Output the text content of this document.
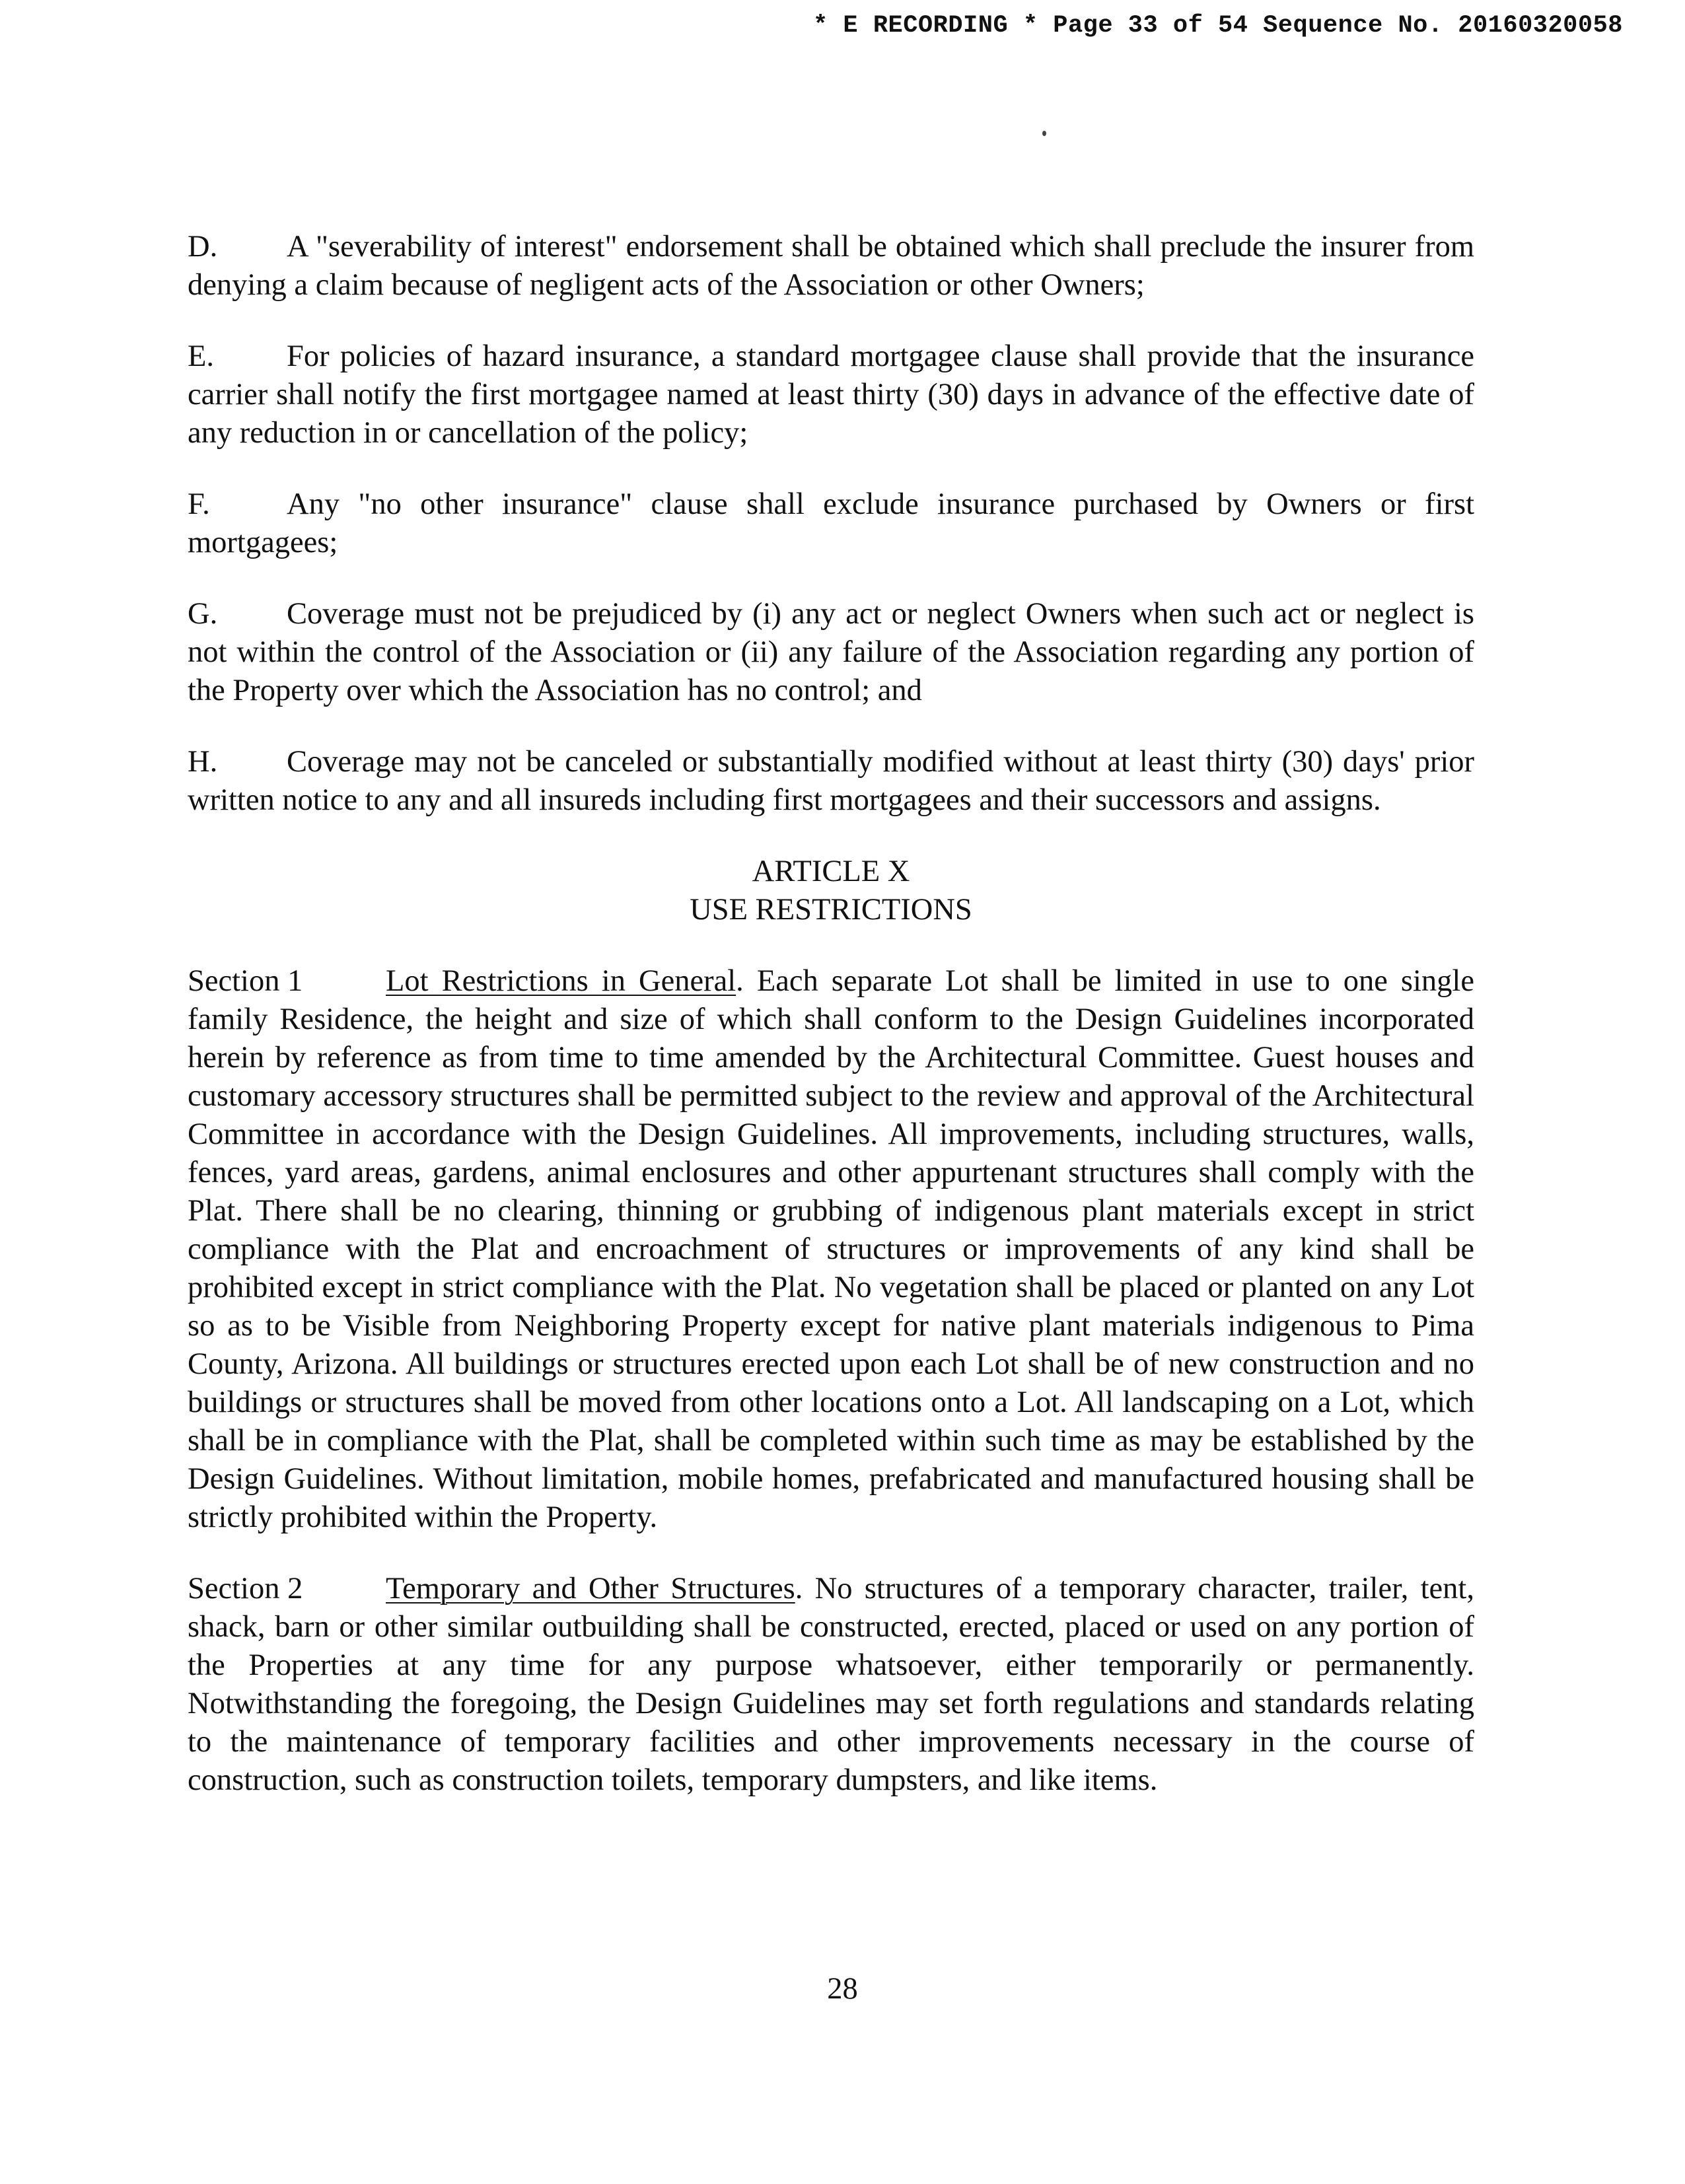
* E RECORDING * Page 33 of 54 Sequence No. 20160320058

D. A "severability of interest" endorsement shall be obtained which shall preclude the insurer from denying a claim because of negligent acts of the Association or other Owners;

E. For policies of hazard insurance, a standard mortgagee clause shall provide that the insurance carrier shall notify the first mortgagee named at least thirty (30) days in advance of the effective date of any reduction in or cancellation of the policy;

F. Any "no other insurance" clause shall exclude insurance purchased by Owners or first mortgagees;

G. Coverage must not be prejudiced by (i) any act or neglect Owners when such act or neglect is not within the control of the Association or (ii) any failure of the Association regarding any portion of the Property over which the Association has no control; and

H. Coverage may not be canceled or substantially modified without at least thirty (30) days' prior written notice to any and all insureds including first mortgagees and their successors and assigns.

ARTICLE X
USE RESTRICTIONS

Section 1	Lot Restrictions in General. Each separate Lot shall be limited in use to one single family Residence, the height and size of which shall conform to the Design Guidelines incorporated herein by reference as from time to time amended by the Architectural Committee. Guest houses and customary accessory structures shall be permitted subject to the review and approval of the Architectural Committee in accordance with the Design Guidelines. All improvements, including structures, walls, fences, yard areas, gardens, animal enclosures and other appurtenant structures shall comply with the Plat. There shall be no clearing, thinning or grubbing of indigenous plant materials except in strict compliance with the Plat and encroachment of structures or improvements of any kind shall be prohibited except in strict compliance with the Plat. No vegetation shall be placed or planted on any Lot so as to be Visible from Neighboring Property except for native plant materials indigenous to Pima County, Arizona. All buildings or structures erected upon each Lot shall be of new construction and no buildings or structures shall be moved from other locations onto a Lot. All landscaping on a Lot, which shall be in compliance with the Plat, shall be completed within such time as may be established by the Design Guidelines. Without limitation, mobile homes, prefabricated and manufactured housing shall be strictly prohibited within the Property.

Section 2	Temporary and Other Structures. No structures of a temporary character, trailer, tent, shack, barn or other similar outbuilding shall be constructed, erected, placed or used on any portion of the Properties at any time for any purpose whatsoever, either temporarily or permanently. Notwithstanding the foregoing, the Design Guidelines may set forth regulations and standards relating to the maintenance of temporary facilities and other improvements necessary in the course of construction, such as construction toilets, temporary dumpsters, and like items.

28
